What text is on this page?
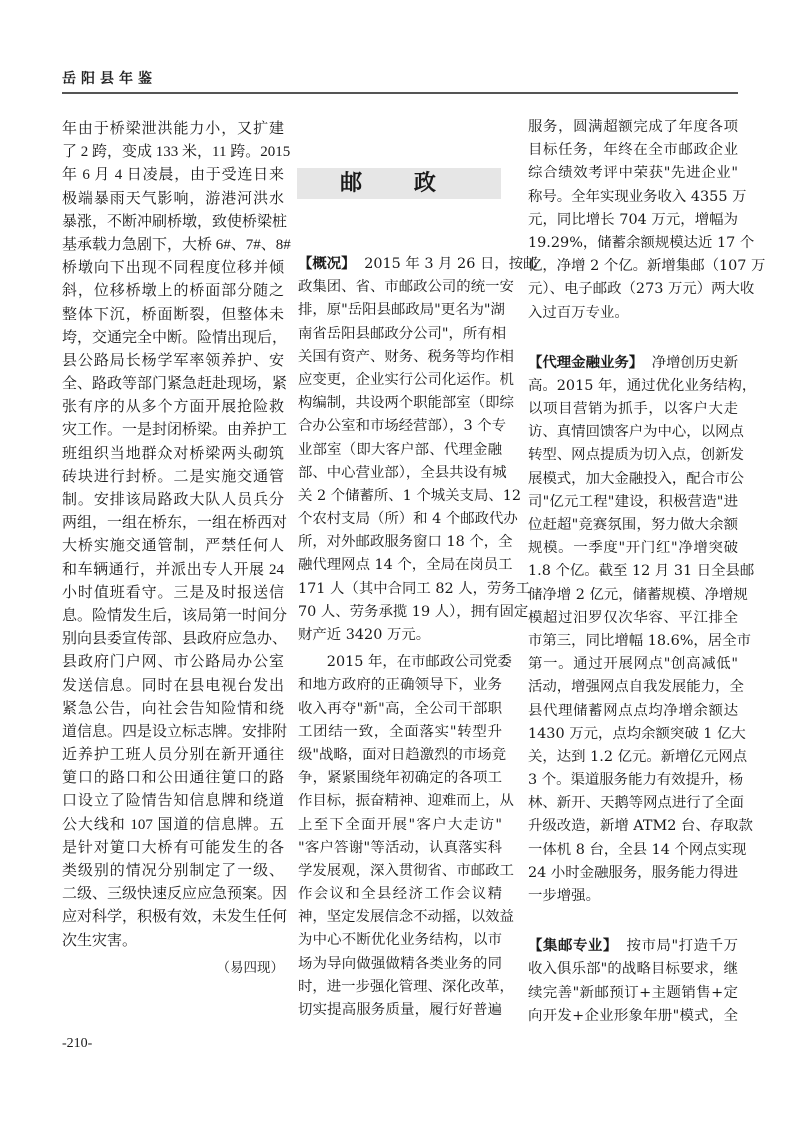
岳阳县年鉴
年由于桥梁泄洪能力小，又扩建
了 2 跨，变成 133 米，11 跨。2015
年 6 月 4 日凌晨，由于受连日来
极端暴雨天气影响，游港河洪水
暴涨，不断冲刷桥墩，致使桥梁桩
基承载力急剧下，大桥 6#、7#、8#
桥墩向下出现不同程度位移并倾
斜，位移桥墩上的桥面部分随之
整体下沉，桥面断裂，但整体未
垮，交通完全中断。险情出现后，
县公路局长杨学军率领养护、安
全、路政等部门紧急赶赴现场，紧
张有序的从多个方面开展抢险救
灾工作。一是封闭桥梁。由养护工
班组织当地群众对桥梁两头砌筑
砖块进行封桥。二是实施交通管
制。安排该局路政大队人员兵分
两组，一组在桥东，一组在桥西对
大桥实施交通管制，严禁任何人
和车辆通行，并派出专人开展 24
小时值班看守。三是及时报送信
息。险情发生后，该局第一时间分
别向县委宣传部、县政府应急办、
县政府门户网、市公路局办公室
发送信息。同时在县电视台发出
紧急公告，向社会告知险情和绕
道信息。四是设立标志牌。安排附
近养护工班人员分别在新开通往
筻口的路口和公田通往筻口的路
口设立了险情告知信息牌和绕道
公大线和 107 国道的信息牌。五
是针对筻口大桥有可能发生的各
类级别的情况分别制定了一级、
二级、三级快速反应应急预案。因
应对科学，积极有效，未发生任何
次生灾害。
（易四现）
邮 政
【概况】 2015 年 3 月 26 日，按邮
政集团、省、市邮政公司的统一安
排，原"岳阳县邮政局"更名为"湖
南省岳阳县邮政分公司"，所有相
关国有资产、财务、税务等均作相
应变更，企业实行公司化运作。机
构编制，共设两个职能部室（即综
合办公室和市场经营部），3 个专
业部室（即大客户部、代理金融
部、中心营业部），全县共设有城
关 2 个储蓄所、1 个城关支局、12
个农村支局（所）和 4 个邮政代办
所，对外邮政服务窗口 18 个，全
融代理网点 14 个，全局在岗员工
171 人（其中合同工 82 人，劳务工
70 人、劳务承揽 19 人），拥有固定
财产近 3420 万元。
2015 年，在市邮政公司党委
和地方政府的正确领导下，业务
收入再夺"新"高，全公司干部职
工团结一致，全面落实"转型升
级"战略，面对日趋激烈的市场竞
争，紧紧围绕年初确定的各项工
作目标，振奋精神、迎难而上，从
上至下全面开展"客户大走访"
"客户答谢"等活动，认真落实科
学发展观，深入贯彻省、市邮政工
作会议和全县经济工作会议精
神，坚定发展信念不动摇，以效益
为中心不断优化业务结构，以市
场为导向做强做精各类业务的同
时，进一步强化管理、深化改革，
切实提高服务质量，履行好普遍
服务，圆满超额完成了年度各项
目标任务，年终在全市邮政企业
综合绩效考评中荣获"先进企业"
称号。全年实现业务收入 4355 万
元，同比增长 704 万元，增幅为
19.29%，储蓄余额规模达近 17 个
亿，净增 2 个亿。新增集邮（107 万
元）、电子邮政（273 万元）两大收
入过百万专业。
【代理金融业务】 净增创历史新
高。2015 年，通过优化业务结构，
以项目营销为抓手，以客户大走
访、真情回馈客户为中心，以网点
转型、网点提质为切入点，创新发
展模式，加大金融投入，配合市公
司"亿元工程"建设，积极营造"进
位赶超"竞赛氛围，努力做大余额
规模。一季度"开门红"净增突破
1.8 个亿。截至 12 月 31 日全县邮
储净增 2 亿元，储蓄规模、净增规
模超过汨罗仅次华容、平江排全
市第三，同比增幅 18.6%，居全市
第一。通过开展网点"创高减低"
活动，增强网点自我发展能力，全
县代理储蓄网点点均净增余额达
1430 万元，点均余额突破 1 亿大
关，达到 1.2 亿元。新增亿元网点
3 个。渠道服务能力有效提升，杨
林、新开、天鹅等网点进行了全面
升级改造，新增 ATM2 台、存取款
一体机 8 台，全县 14 个网点实现
24 小时金融服务，服务能力得进
一步增强。
【集邮专业】 按市局"打造千万
收入俱乐部"的战略目标要求，继
续完善"新邮预订+主题销售+定
向开发+企业形象年册"模式，全
-210-
